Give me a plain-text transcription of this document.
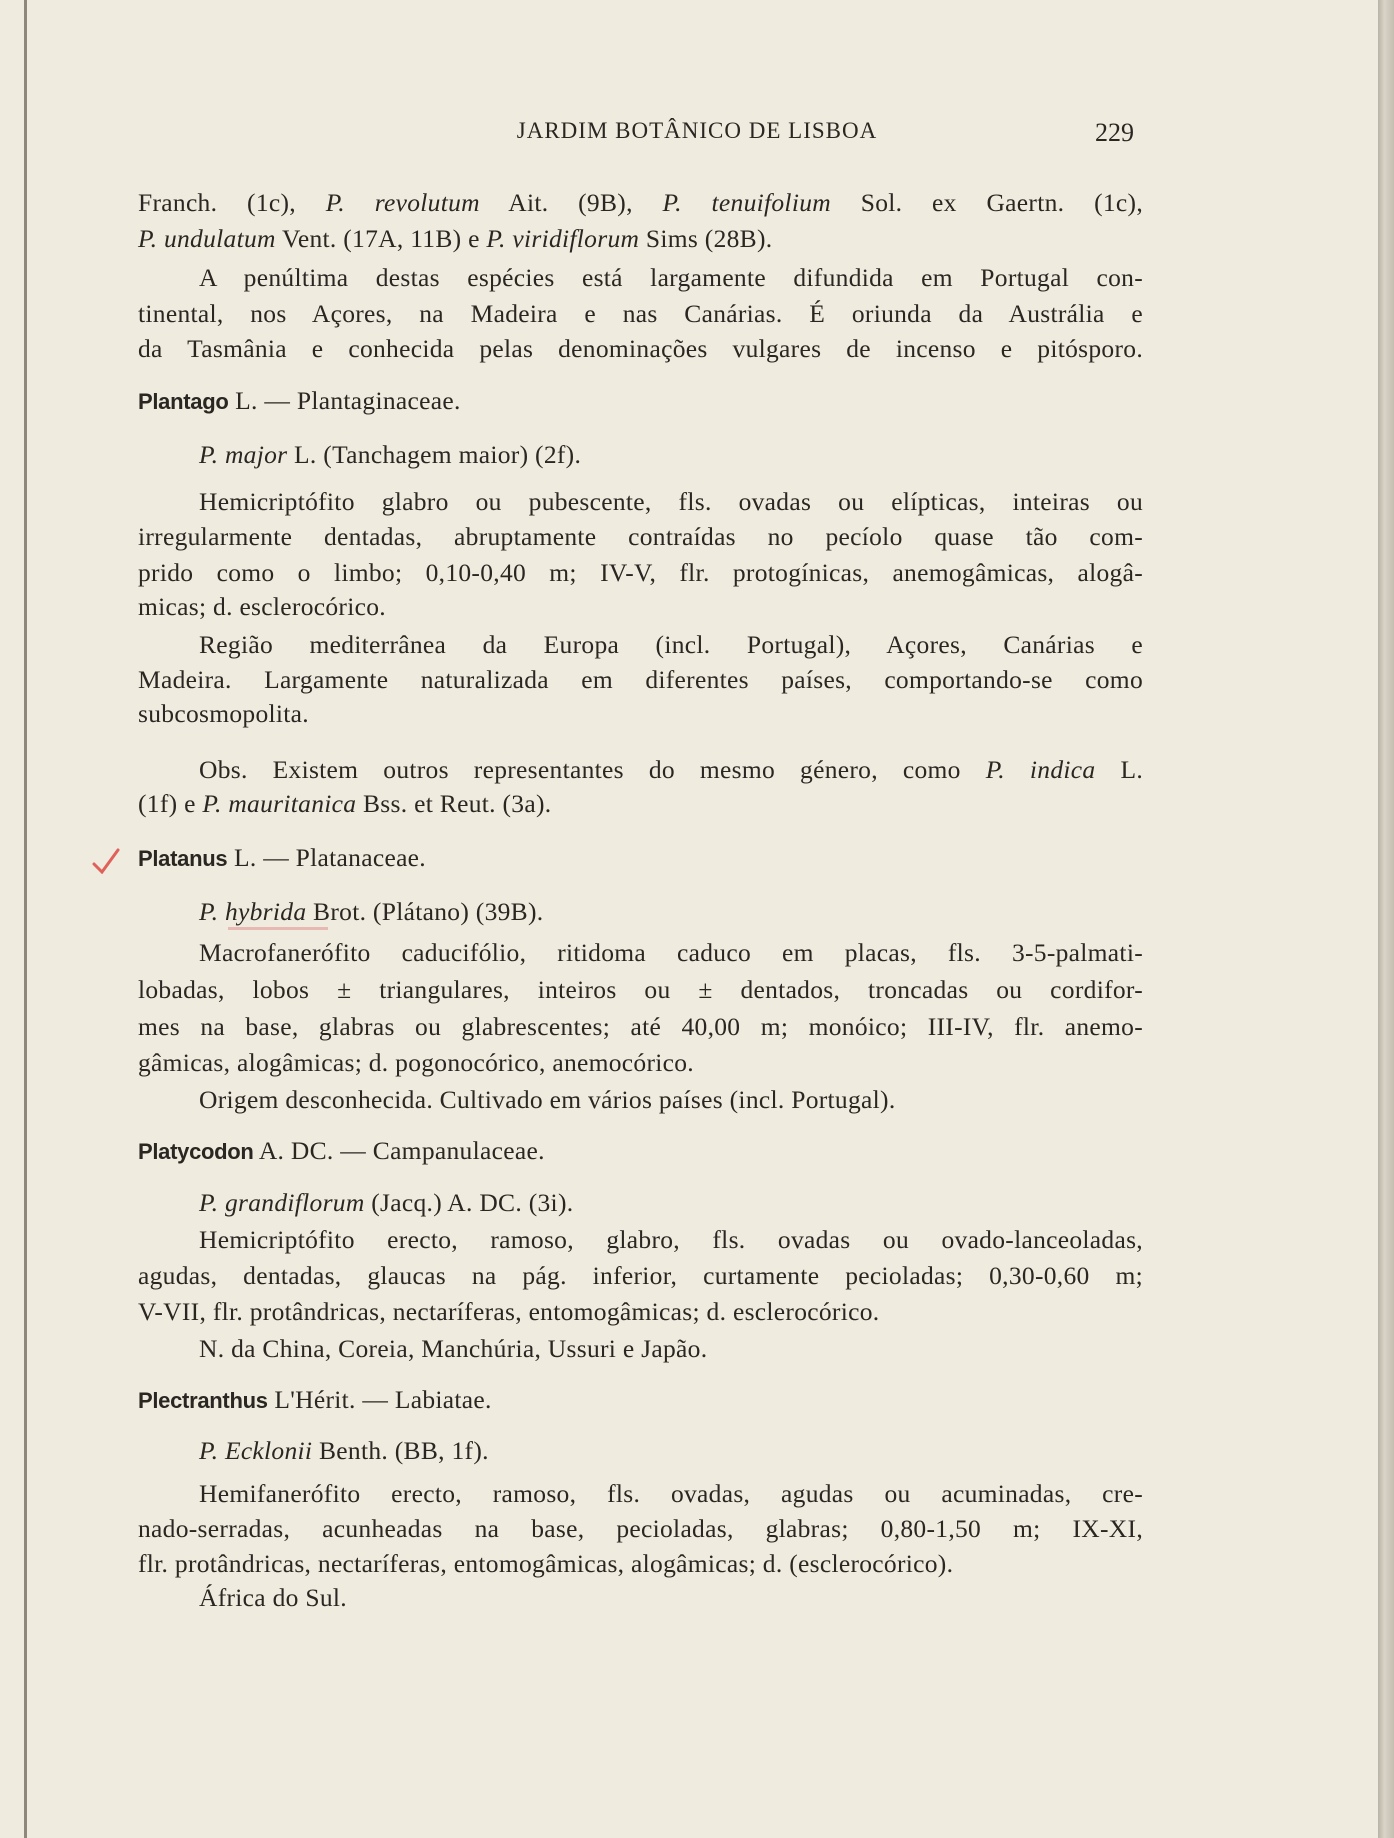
JARDIM BOTÂNICO DE LISBOA	229
Franch. (1c), P. revolutum Ait. (9B), P. tenuifolium Sol. ex Gaertn. (1c),
P. undulatum Vent. (17A, 11B) e P. viridiflorum Sims (28B).
A penúltima destas espécies está largamente difundida em Portugal con-
tinental, nos Açores, na Madeira e nas Canárias. É oriunda da Austrália e
da Tasmânia e conhecida pelas denominações vulgares de incenso e pitósporo.
Plantago L. — Plantaginaceae.
P. major L. (Tanchagem maior) (2f).
Hemicriptófito glabro ou pubescente, fls. ovadas ou elípticas, inteiras ou
irregularmente dentadas, abruptamente contraídas no pecíolo quase tão com-
prido como o limbo; 0,10-0,40 m; IV-V, flr. protogínicas, anemogâmicas, alogâ-
micas; d. esclerocórico.
Região mediterrânea da Europa (incl. Portugal), Açores, Canárias e
Madeira. Largamente naturalizada em diferentes países, comportando-se como
subcosmopolita.
Obs. Existem outros representantes do mesmo género, como P. indica L.
(1f) e P. mauritanica Bss. et Reut. (3a).
Platanus L. — Platanaceae.
P. hybrida Brot. (Plátano) (39B).
Macrofanerófito caducifólio, ritidoma caduco em placas, fls. 3-5-palmati-
lobadas, lobos ± triangulares, inteiros ou ± dentados, troncadas ou cordifor-
mes na base, glabras ou glabrescentes; até 40,00 m; monóico; III-IV, flr. anemo-
gâmicas, alogâmicas; d. pogonocórico, anemocórico.
Origem desconhecida. Cultivado em vários países (incl. Portugal).
Platycodon A. DC. — Campanulaceae.
P. grandiflorum (Jacq.) A. DC. (3i).
Hemicriptófito erecto, ramoso, glabro, fls. ovadas ou ovado-lanceoladas,
agudas, dentadas, glaucas na pág. inferior, curtamente pecioladas; 0,30-0,60 m;
V-VII, flr. protândricas, nectaríferas, entomogâmicas; d. esclerocórico.
N. da China, Coreia, Manchúria, Ussuri e Japão.
Plectranthus L'Hérit. — Labiatae.
P. Ecklonii Benth. (BB, 1f).
Hemifanerófito erecto, ramoso, fls. ovadas, agudas ou acuminadas, cre-
nado-serradas, acunheadas na base, pecioladas, glabras; 0,80-1,50 m; IX-XI,
flr. protândricas, nectaríferas, entomogâmicas, alogâmicas; d. (esclerocórico).
África do Sul.
